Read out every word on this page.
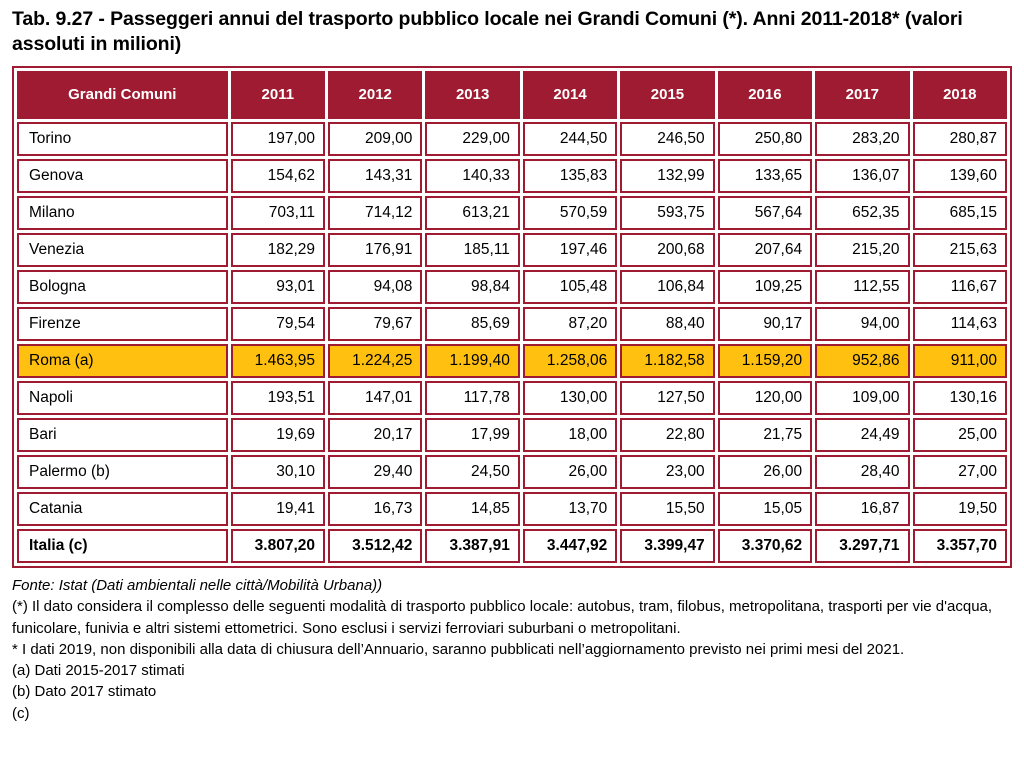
Tab. 9.27 - Passeggeri annui del trasporto pubblico locale nei Grandi Comuni (*). Anni 2011-2018* (valori assoluti in milioni)
Grandi Comuni	2011	2012	2013	2014	2015	2016	2017	2018
Torino	197,00	209,00	229,00	244,50	246,50	250,80	283,20	280,87
Genova	154,62	143,31	140,33	135,83	132,99	133,65	136,07	139,60
Milano	703,11	714,12	613,21	570,59	593,75	567,64	652,35	685,15
Venezia	182,29	176,91	185,11	197,46	200,68	207,64	215,20	215,63
Bologna	93,01	94,08	98,84	105,48	106,84	109,25	112,55	116,67
Firenze	79,54	79,67	85,69	87,20	88,40	90,17	94,00	114,63
Roma (a)	1.463,95	1.224,25	1.199,40	1.258,06	1.182,58	1.159,20	952,86	911,00
Napoli	193,51	147,01	117,78	130,00	127,50	120,00	109,00	130,16
Bari	19,69	20,17	17,99	18,00	22,80	21,75	24,49	25,00
Palermo (b)	30,10	29,40	24,50	26,00	23,00	26,00	28,40	27,00
Catania	19,41	16,73	14,85	13,70	15,50	15,05	16,87	19,50
Italia (c)	3.807,20	3.512,42	3.387,91	3.447,92	3.399,47	3.370,62	3.297,71	3.357,70

Fonte: Istat (Dati ambientali nelle città/Mobilità Urbana))

(*) Il dato considera il complesso delle seguenti modalità di trasporto pubblico locale: autobus, tram, filobus, metropolitana, trasporti per vie d'acqua, funicolare, funivia e altri sistemi ettometrici. Sono esclusi i servizi ferroviari suburbani o metropolitani.

* I dati 2019, non disponibili alla data di chiusura dell’Annuario, saranno pubblicati nell’aggiornamento previsto nei primi mesi del 2021.

(a) Dati 2015-2017 stimati

(b) Dato 2017 stimato

(c)
